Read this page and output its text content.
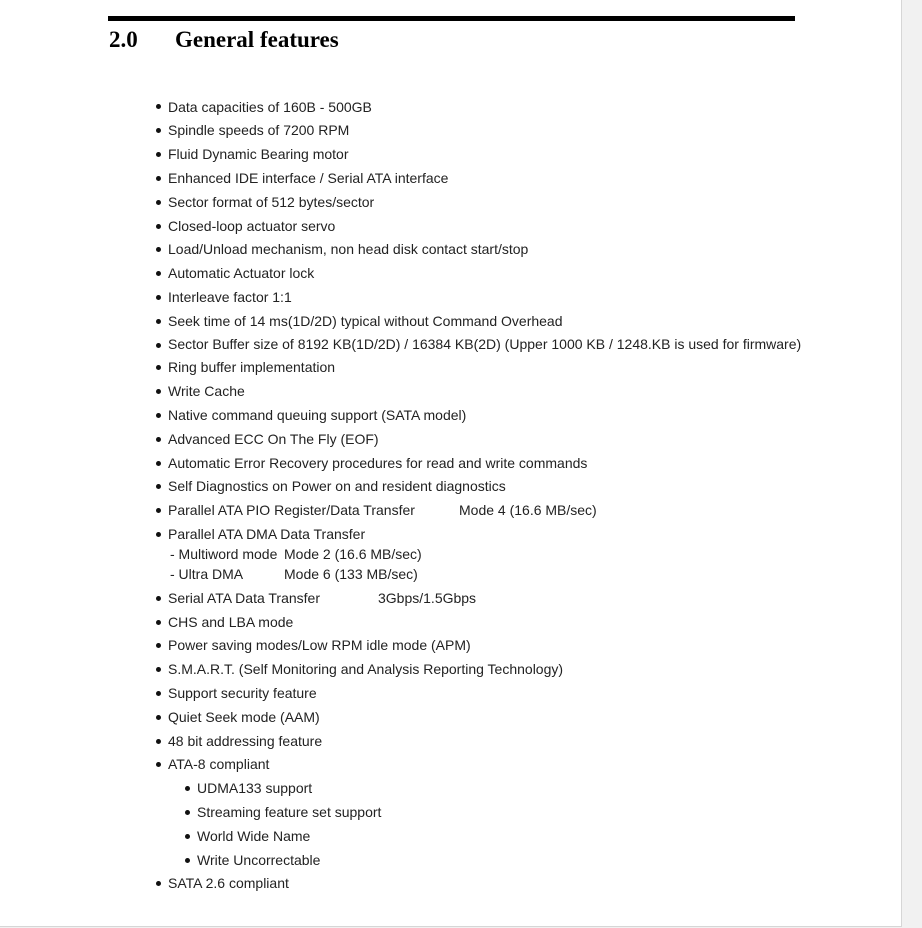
2.0 General features
Data capacities of 160B - 500GB
Spindle speeds of 7200 RPM
Fluid Dynamic Bearing motor
Enhanced IDE interface / Serial ATA interface
Sector format of 512 bytes/sector
Closed-loop actuator servo
Load/Unload mechanism, non head disk contact start/stop
Automatic Actuator lock
Interleave factor 1:1
Seek time of 14 ms(1D/2D) typical without Command Overhead
Sector Buffer size of 8192 KB(1D/2D) / 16384 KB(2D) (Upper 1000 KB / 1248.KB is used for firmware)
Ring buffer implementation
Write Cache
Native command queuing support (SATA model)
Advanced ECC On The Fly (EOF)
Automatic Error Recovery procedures for read and write commands
Self Diagnostics on Power on and resident diagnostics
Parallel ATA PIO Register/Data Transfer	Mode 4 (16.6 MB/sec)
Parallel ATA DMA Data Transfer
- Multiword mode Mode 2 (16.6 MB/sec)
- Ultra DMA	Mode 6 (133 MB/sec)
Serial ATA Data Transfer	3Gbps/1.5Gbps
CHS and LBA mode
Power saving modes/Low RPM idle mode (APM)
S.M.A.R.T. (Self Monitoring and Analysis Reporting Technology)
Support security feature
Quiet Seek mode (AAM)
48 bit addressing feature
ATA-8 compliant
UDMA133 support
Streaming feature set support
World Wide Name
Write Uncorrectable
SATA 2.6 compliant
